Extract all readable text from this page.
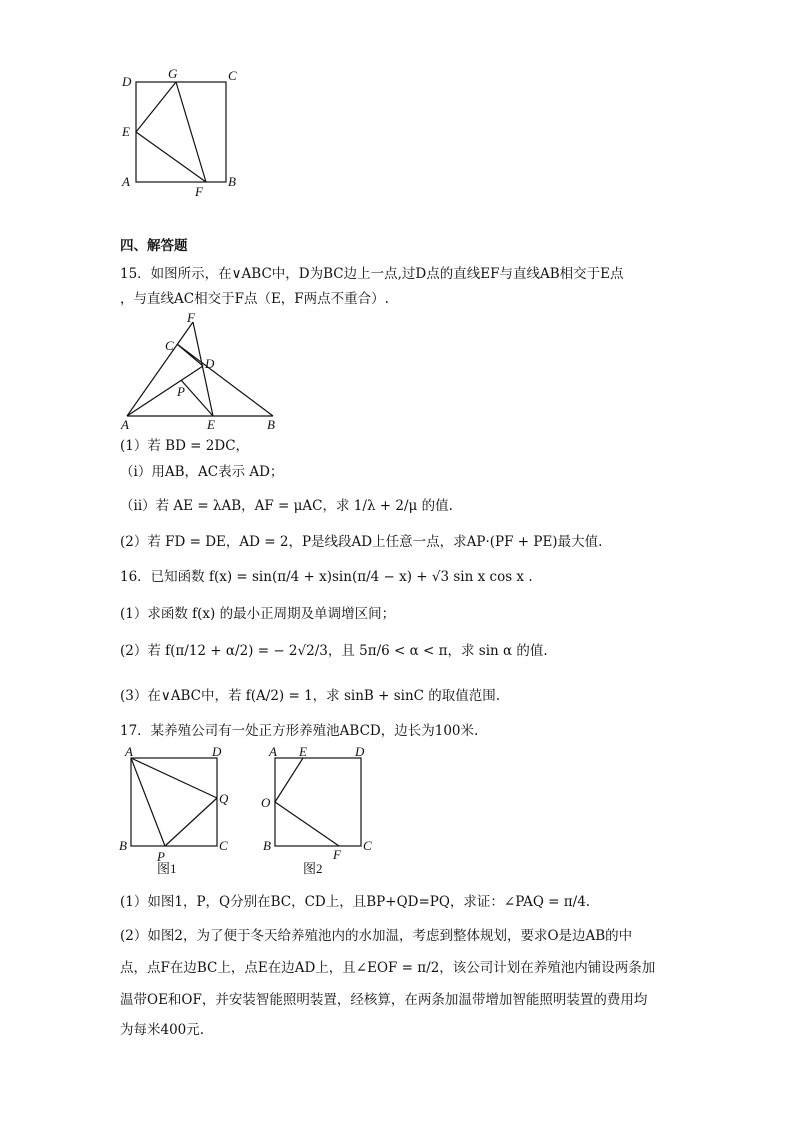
D
G	C
E
A
F
B
四、解答题
15．如图所示，在∨ABC中，D为BC边上一点,过D点的直线EF与直线AB相交于E点
，与直线AC相交于F点（E，F两点不重合）.
F
C
D
P
A	E	B
(1）若 BD = 2DC，
（i）用AB，AC表示 AD；
（ii）若 AE = λAB，AF = μAC，求 1/λ + 2/μ 的值.
(2）若 FD = DE，AD = 2，P是线段AD上任意一点，求AP·(PF + PE)最大值.
16．已知函数 f(x) = sin(π/4 + x)sin(π/4 − x) + √3 sin x cos x .
(1）求函数 f(x) 的最小正周期及单调增区间；
(2）若 f(π/12 + α/2) = − 2√2/3，且 5π/6 < α < π，求 sin α 的值.
(3）在∨ABC中，若 f(A/2) = 1，求 sinB + sinC 的取值范围.
17．某养殖公司有一处正方形养殖池ABCD，边长为100米.
A	D
Q
B
P
C
图1
A E	D
O
B
F
C
图2
(1）如图1，P，Q分别在BC，CD上，且BP+QD=PQ，求证：∠PAQ = π/4.
(2）如图2，为了便于冬天给养殖池内的水加温，考虑到整体规划，要求O是边AB的中
点，点F在边BC上，点E在边AD上，且∠EOF = π/2，该公司计划在养殖池内铺设两条加
温带OE和OF，并安装智能照明装置，经核算，在两条加温带增加智能照明装置的费用均
为每米400元.
